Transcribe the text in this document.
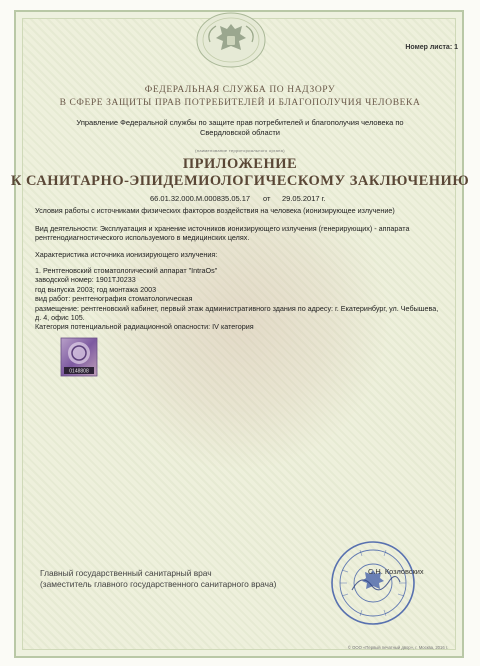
Номер листа: 1
ФЕДЕРАЛЬНАЯ СЛУЖБА ПО НАДЗОРУ
В СФЕРЕ ЗАЩИТЫ ПРАВ ПОТРЕБИТЕЛЕЙ И БЛАГОПОЛУЧИЯ ЧЕЛОВЕКА
Управление Федеральной службы по защите прав потребителей и благополучия человека по Свердловской области
(наименование территориального органа)
ПРИЛОЖЕНИЕ
К САНИТАРНО-ЭПИДЕМИОЛОГИЧЕСКОМУ ЗАКЛЮЧЕНИЮ
66.01.32.000.М.000835.05.17 от 29.05.2017 г.
Условия работы с источниками физических факторов воздействия на человека (ионизирующее излучение)
Вид деятельности: Эксплуатация и хранение источников ионизирующего излучения (генерирующих) - аппарата рентгенодиагностического используемого в медицинских целях.
Характеристика источника ионизирующего излучения:
1. Рентгеновский стоматологический аппарат "IntraOs"
заводской номер: 1901TJ0233
год выпуска 2003; год монтажа 2003
вид работ: рентгенография стоматологическая
размещение: рентгеновский кабинет, первый этаж административного здания по адресу: г. Екатеринбург, ул. Чебышева, д. 4, офис 105.
Категория потенциальной радиационной опасности: IV категория
0148808
Главный государственный санитарный врач
(заместитель главного государственного санитарного врача)
С.Н. Козловских
© ООО «Первый печатный двор», г. Москва, 2016 г.
